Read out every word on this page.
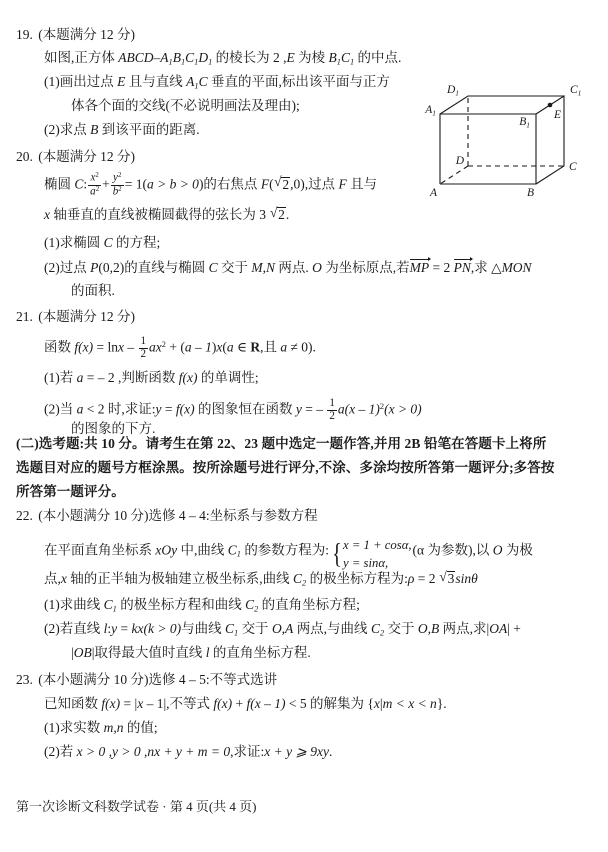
19. (本题满分 12 分)
如图,正方体 ABCD–$A_1B_1C_1D_1$ 的棱长为 2 ,E 为棱 $B_1C_1$ 的中点.
(1)画出过点 E 且与直线 $A_1C$ 垂直的平面,标出该平面与正方
体各个面的交线(不必说明画法及理由);
(2)求点 B 到该平面的距离.
$D_1$	$C_1$
$A_1$
$B_1$
E
D	C
A	B
20. (本题满分 12 分)
椭圆 C: $\frac{x^2}{a^2} + \frac{y^2}{b^2} = 1(a > b > 0)$的右焦点 F( √ 2,0),过点 F 且与
x 轴垂直的直线被椭圆截得的弦长为 3 √ 2.
(1)求椭圆 C 的方程;
(2)过点 P(0,2)的直线与椭圆 C 交于 M,N 两点. O 为坐标原点,若MP = 2 PN,求 △MON
的面积.
21. (本题满分 12 分)
函数 $f(x) = \ln x - \frac{1}{2} ax^2 + (a - 1)x(a$ ∈ R,且 a ≠ 0).
(1)若 a = – 2 ,判断函数 f(x) 的单调性;
(2)当 a < 2 时,求证:y = f(x) 的图象恒在函数 y = – $\frac{1}{2} a(x - 1)^2(x > 0)$
的图象的下方.
(二)选考题:共 10 分。请考生在第 22、23 题中选定一题作答,并用 2B 铅笔在答题卡上将所
选题目对应的题号方框涂黑。按所涂题号进行评分,不涂、多涂均按所答第一题评分;多答按
所答第一题评分。
22. (本小题满分 10 分)选修 4 – 4:坐标系与参数方程
在平面直角坐标系 xOy 中,曲线 $C_1$ 的参数方程为: { x = 1 + cosα,
y = sinα,
(α 为参数),以 O 为极
点,x 轴的正半轴为极轴建立极坐标系,曲线 $C_2$ 的极坐标方程为:ρ = 2 √ 3sinθ
(1)求曲线 $C_1$ 的极坐标方程和曲线 $C_2$ 的直角坐标方程;
(2)若直线 l:y = kx(k > 0)与曲线 $C_1$ 交于 O,A 两点,与曲线 $C_2$ 交于 O,B 两点,求|OA| +
|OB|取得最大值时直线 l 的直角坐标方程.
23. (本小题满分 10 分)选修 4 – 5:不等式选讲
已知函数 f(x) = |x – 1|,不等式 f(x) + f(x – 1) < 5 的解集为 {x|m < x < n}.
(1)求实数 m,n 的值;
(2)若 x > 0 ,y > 0 ,nx + y + m = 0,求证:x + y ⩾ 9xy.
第一次诊断文科数学试卷 · 第 4 页(共 4 页)
